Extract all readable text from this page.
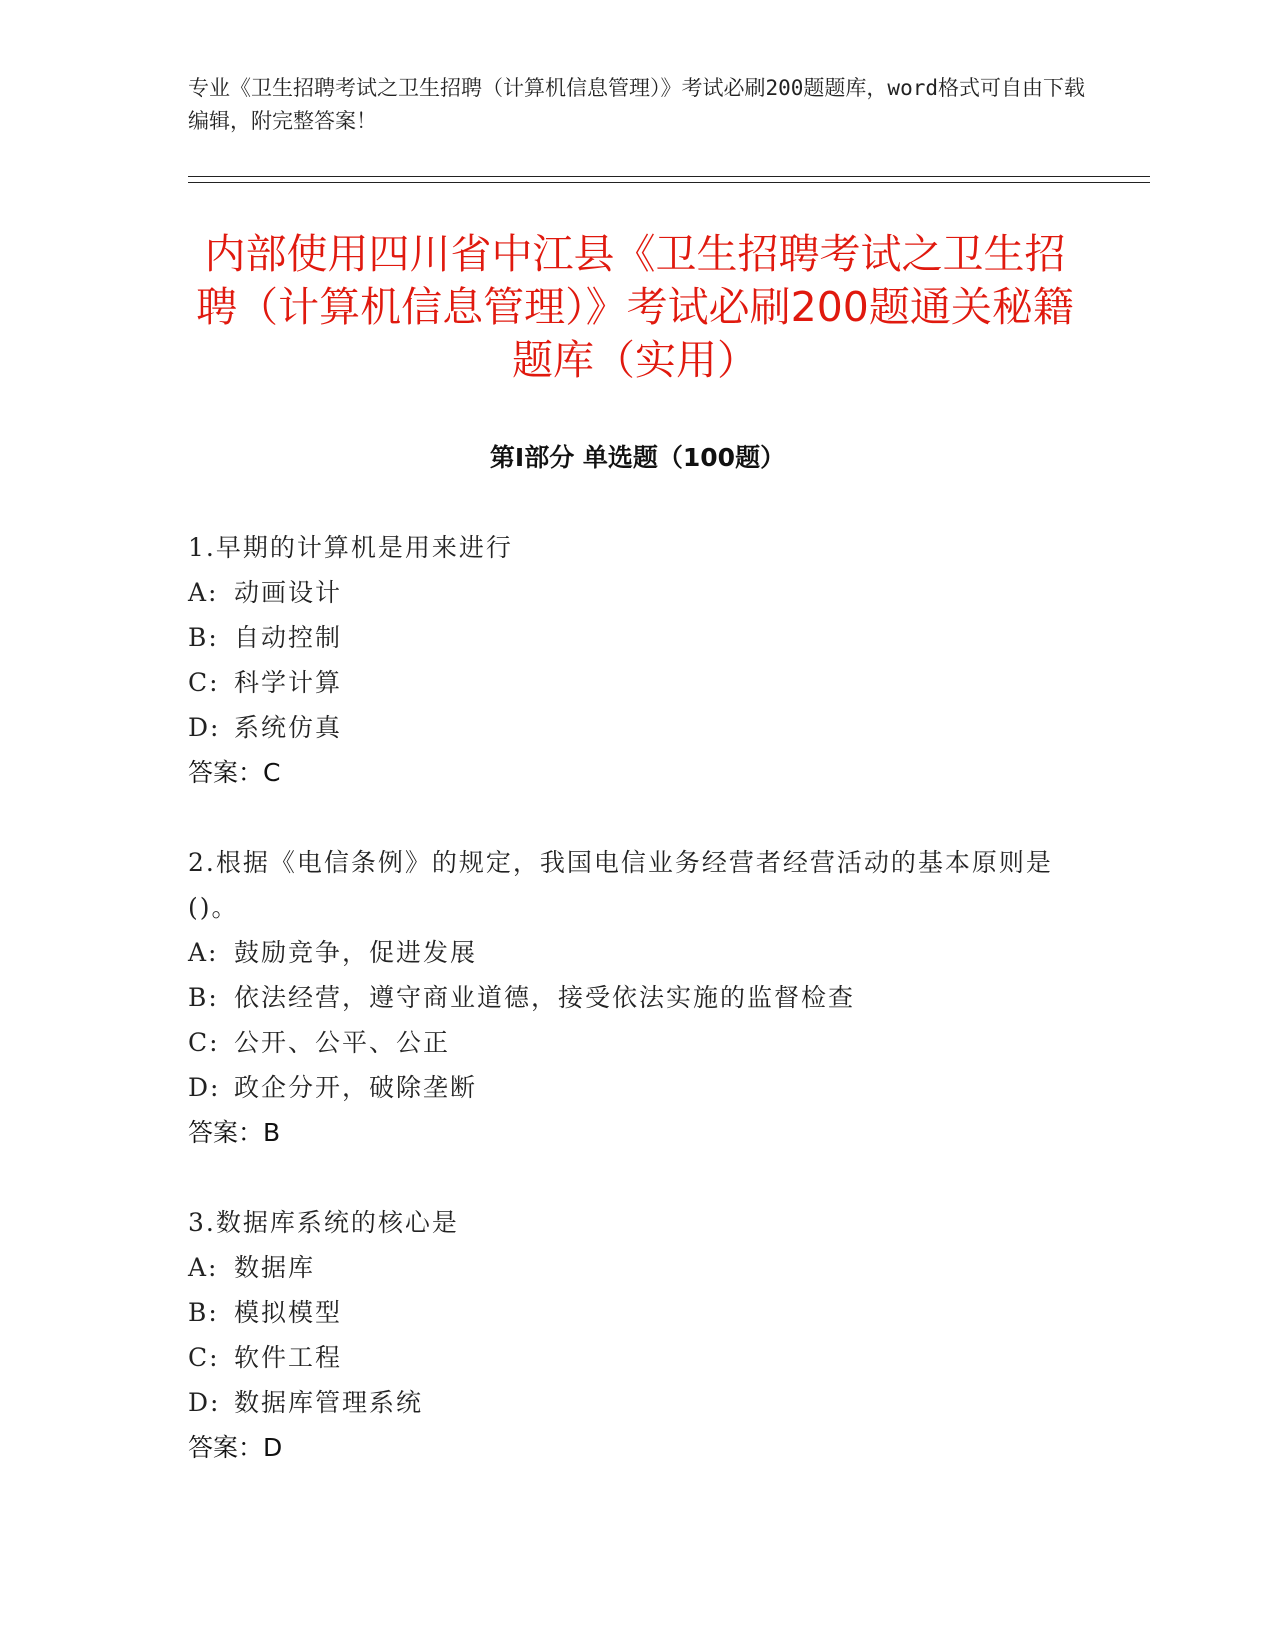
专业《卫生招聘考试之卫生招聘（计算机信息管理）》考试必刷200题题库，word格式可自由下载编辑，附完整答案！
内部使用四川省中江县《卫生招聘考试之卫生招聘（计算机信息管理）》考试必刷200题通关秘籍题库（实用）
第Ⅰ部分 单选题（100题）

1.早期的计算机是用来进行

A: 动画设计
B: 自动控制
C: 科学计算
D: 系统仿真
答案：C

2.根据《电信条例》的规定，我国电信业务经营者经营活动的基本原则是()。

A: 鼓励竞争，促进发展
B: 依法经营，遵守商业道德，接受依法实施的监督检查
C: 公开、公平、公正
D: 政企分开，破除垄断
答案：B

3.数据库系统的核心是

A: 数据库
B: 模拟模型
C: 软件工程
D: 数据库管理系统
答案：D
